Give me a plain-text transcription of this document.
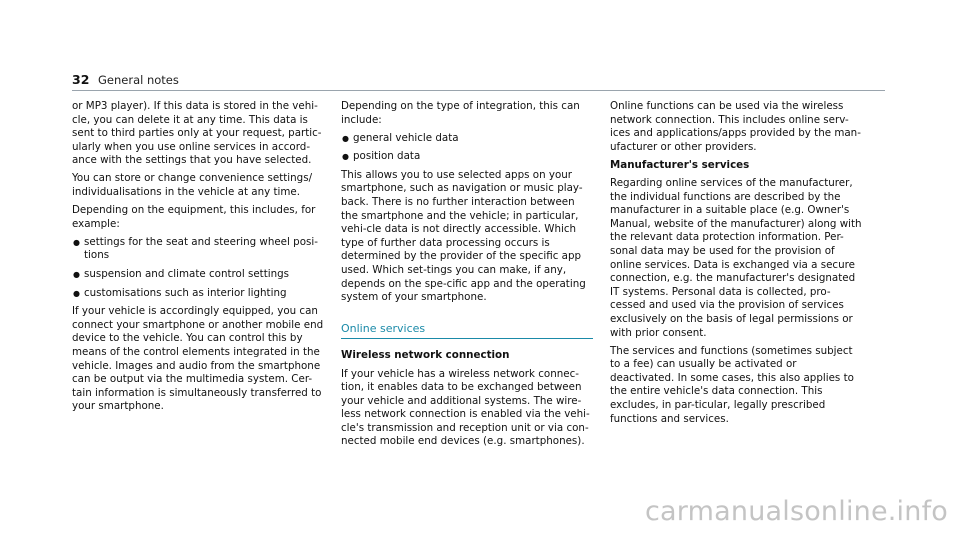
32 General notes

or MP3 player). If this data is stored in the vehi-cle, you can delete it at any time. This data is sent to third parties only at your request, partic-ularly when you use online services in accord-ance with the settings that you have selected.

You can store or change convenience settings/ individualisations in the vehicle at any time.

Depending on the equipment, this includes, for example:

● settings for the seat and steering wheel posi-tions
● suspension and climate control settings
● customisations such as interior lighting

If your vehicle is accordingly equipped, you can connect your smartphone or another mobile end device to the vehicle. You can control this by means of the control elements integrated in the vehicle. Images and audio from the smartphone can be output via the multimedia system. Cer-tain information is simultaneously transferred to your smartphone.

Depending on the type of integration, this can include:

● general vehicle data
● position data

This allows you to use selected apps on your smartphone, such as navigation or music play-back. There is no further interaction between the smartphone and the vehicle; in particular, vehi-cle data is not directly accessible. Which type of further data processing occurs is determined by the provider of the specific app used. Which set-tings you can make, if any, depends on the spe-cific app and the operating system of your smartphone.

Online services

Wireless network connection

If your vehicle has a wireless network connec-tion, it enables data to be exchanged between your vehicle and additional systems. The wire-less network connection is enabled via the vehi-cle's transmission and reception unit or via con-nected mobile end devices (e.g. smartphones).

Online functions can be used via the wireless network connection. This includes online serv-ices and applications/apps provided by the man-ufacturer or other providers.

Manufacturer's services

Regarding online services of the manufacturer, the individual functions are described by the manufacturer in a suitable place (e.g. Owner's Manual, website of the manufacturer) along with the relevant data protection information. Per-sonal data may be used for the provision of online services. Data is exchanged via a secure connection, e.g. the manufacturer's designated IT systems. Personal data is collected, pro-cessed and used via the provision of services exclusively on the basis of legal permissions or with prior consent.

The services and functions (sometimes subject to a fee) can usually be activated or deactivated. In some cases, this also applies to the entire vehicle's data connection. This excludes, in par-ticular, legally prescribed functions and services.

carmanualsonline.info
